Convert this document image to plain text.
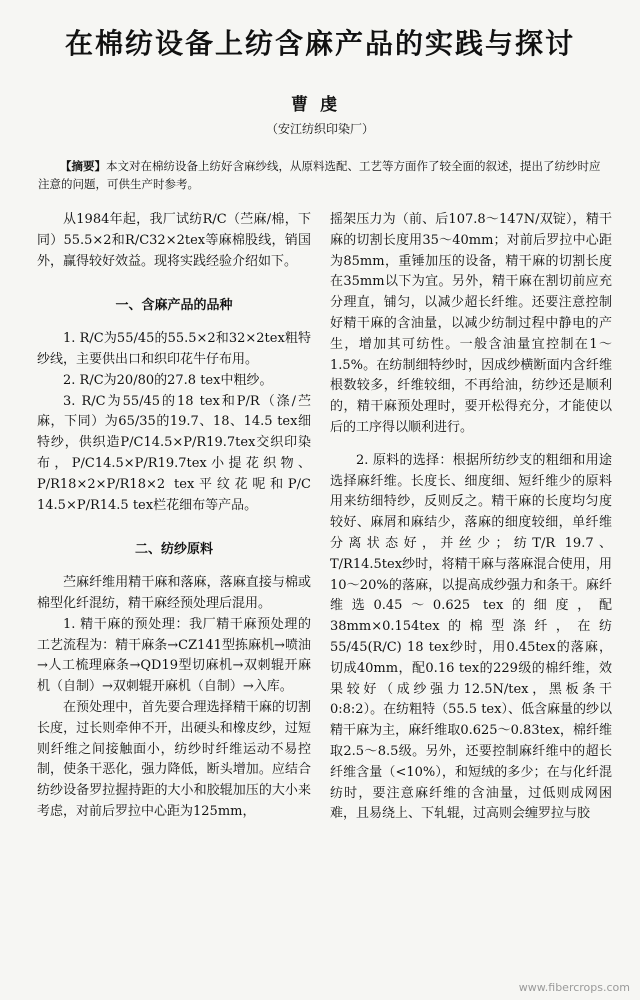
在棉纺设备上纺含麻产品的实践与探讨
曹虔
（安江纺织印染厂）
【摘要】本文对在棉纺设备上纺好含麻纱线，从原料选配、工艺等方面作了较全面的叙述，提出了纺纱时应注意的问题，可供生产时参考。

从1984年起，我厂试纺R/C（苎麻/棉，下同）55.5×2和R/C32×2tex等麻棉股线，销国外，赢得较好效益。现将实践经验介绍如下。

一、含麻产品的品种

1. R/C为55/45的55.5×2和32×2tex粗特纱线，主要供出口和织印花牛仔布用。

2. R/C为20/80的27.8 tex中粗纱。

3. R/C为55/45的18 tex和P/R（涤/苎麻，下同）为65/35的19.7、18、14.5 tex细特纱，供织造P/C14.5×P/R19.7tex交织印染布，P/C14.5×P/R19.7tex小提花织物、P/R18×2×P/R18×2 tex平纹花呢和P/C 14.5×P/R14.5 tex栏花细布等产品。

二、纺纱原料

苎麻纤维用精干麻和落麻，落麻直接与棉或棉型化纤混纺，精干麻经预处理后混用。

1. 精干麻的预处理：我厂精干麻预处理的工艺流程为：精干麻条→CZ141型拣麻机→喷油→人工梳理麻条→QD19型切麻机→双刺辊开麻机（自制）→双刺辊开麻机（自制）→入库。

在预处理中，首先要合理选择精干麻的切割长度，过长则牵伸不开，出硬头和橡皮纱，过短则纤维之间接触面小，纺纱时纤维运动不易控制，使条干恶化，强力降低，断头增加。应结合纺纱设备罗拉握持距的大小和胶辊加压的大小来考虑，对前后罗拉中心距为125mm，

摇架压力为（前、后107.8～147N/双锭），精干麻的切割长度用35～40mm；对前后罗拉中心距为85mm，重锤加压的设备，精干麻的切割长度在35mm以下为宜。另外，精干麻在割切前应充分理直，铺匀，以减少超长纤维。还要注意控制好精干麻的含油量，以减少纺制过程中静电的产生，增加其可纺性。一般含油量宜控制在1～1.5%。在纺制细特纱时，因成纱横断面内含纤维根数较多，纤维较细，不再给油，纺纱还是顺利的，精干麻预处理时，要开松得充分，才能使以后的工序得以顺利进行。

2. 原料的选择：根据所纺纱支的粗细和用途选择麻纤维。长度长、细度细、短纤维少的原料用来纺细特纱，反则反之。精干麻的长度均匀度较好、麻屑和麻结少，落麻的细度较细，单纤维分离状态好，并丝少；纺T/R 19.7、T/R14.5tex纱时，将精干麻与落麻混合使用，用10～20%的落麻，以提高成纱强力和条干。麻纤维选0.45～0.625 tex的细度，配38mm×0.154tex的棉型涤纤，在纺55/45(R/C) 18 tex纱时，用0.45tex的落麻，切成40mm，配0.16 tex的229级的棉纤维，效果较好（成纱强力12.5N/tex，黑板条干0:8:2）。在纺粗特（55.5 tex）、低含麻量的纱以精干麻为主，麻纤维取0.625～0.83tex，棉纤维取2.5～8.5级。另外，还要控制麻纤维中的超长纤维含量（<10%），和短绒的多少；在与化纤混纺时，要注意麻纤维的含油量，过低则成网困难，且易绕上、下轧辊，过高则会缠罗拉与胶

www.fibercrops.com
